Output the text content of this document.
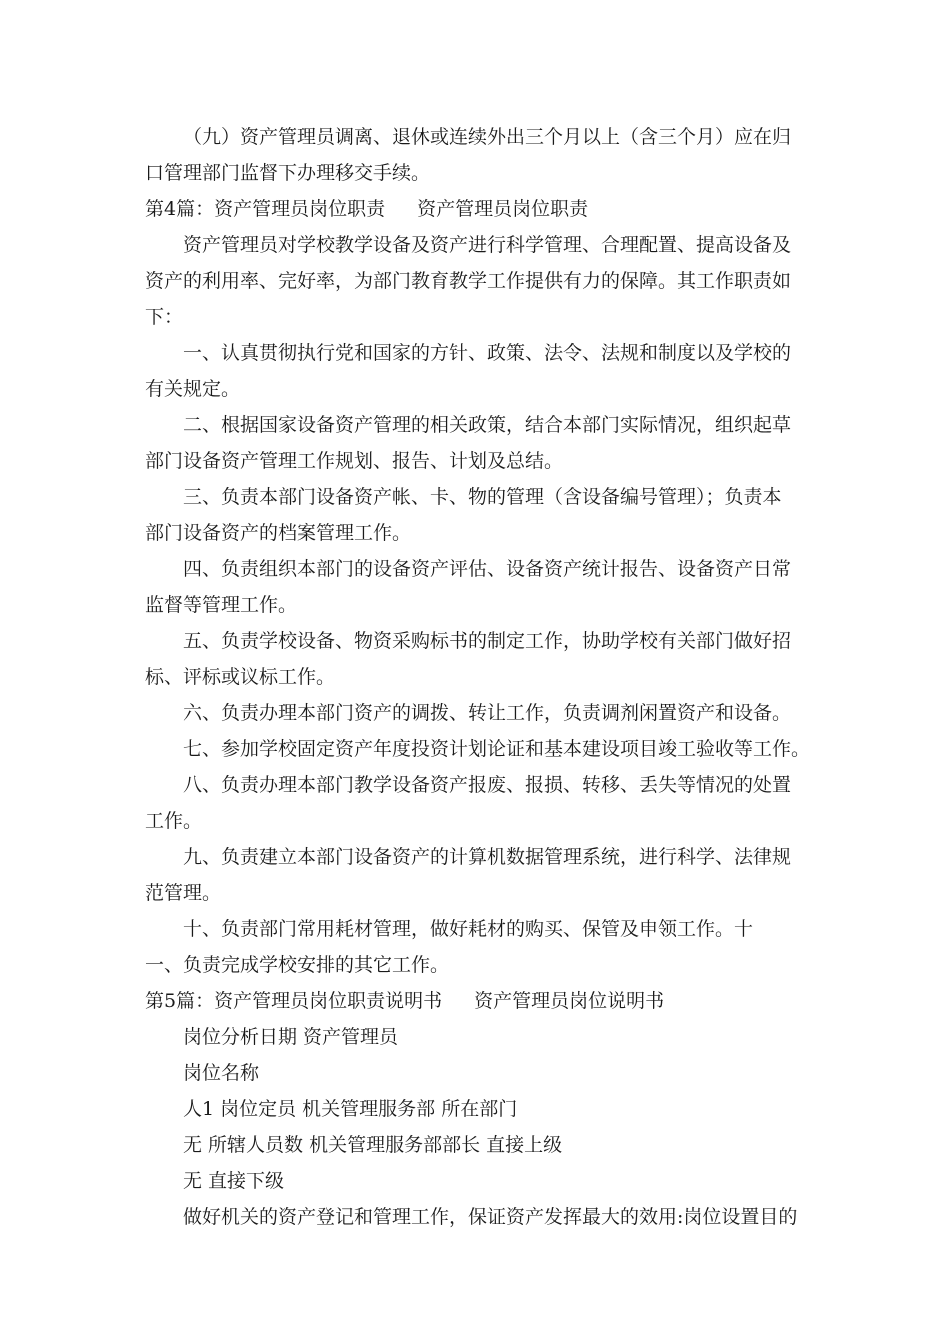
（九）资产管理员调离、退休或连续外出三个月以上（含三个月）应在归
口管理部门监督下办理移交手续。
第4篇：资产管理员岗位职责 资产管理员岗位职责
资产管理员对学校教学设备及资产进行科学管理、合理配置、提高设备及
资产的利用率、完好率，为部门教育教学工作提供有力的保障。其工作职责如
下：
一、认真贯彻执行党和国家的方针、政策、法令、法规和制度以及学校的
有关规定。
二、根据国家设备资产管理的相关政策，结合本部门实际情况，组织起草
部门设备资产管理工作规划、报告、计划及总结。
三、负责本部门设备资产帐、卡、物的管理（含设备编号管理）；负责本
部门设备资产的档案管理工作。
四、负责组织本部门的设备资产评估、设备资产统计报告、设备资产日常
监督等管理工作。
五、负责学校设备、物资采购标书的制定工作，协助学校有关部门做好招
标、评标或议标工作。
六、负责办理本部门资产的调拨、转让工作，负责调剂闲置资产和设备。
七、参加学校固定资产年度投资计划论证和基本建设项目竣工验收等工作。
八、负责办理本部门教学设备资产报废、报损、转移、丢失等情况的处置
工作。
九、负责建立本部门设备资产的计算机数据管理系统，进行科学、法律规
范管理。
十、负责部门常用耗材管理，做好耗材的购买、保管及申领工作。十
一、负责完成学校安排的其它工作。
第5篇：资产管理员岗位职责说明书 资产管理员岗位说明书
岗位分析日期 资产管理员
岗位名称
人1 岗位定员 机关管理服务部 所在部门
无 所辖人员数 机关管理服务部部长 直接上级
无 直接下级
做好机关的资产登记和管理工作，保证资产发挥最大的效用:岗位设置目的
